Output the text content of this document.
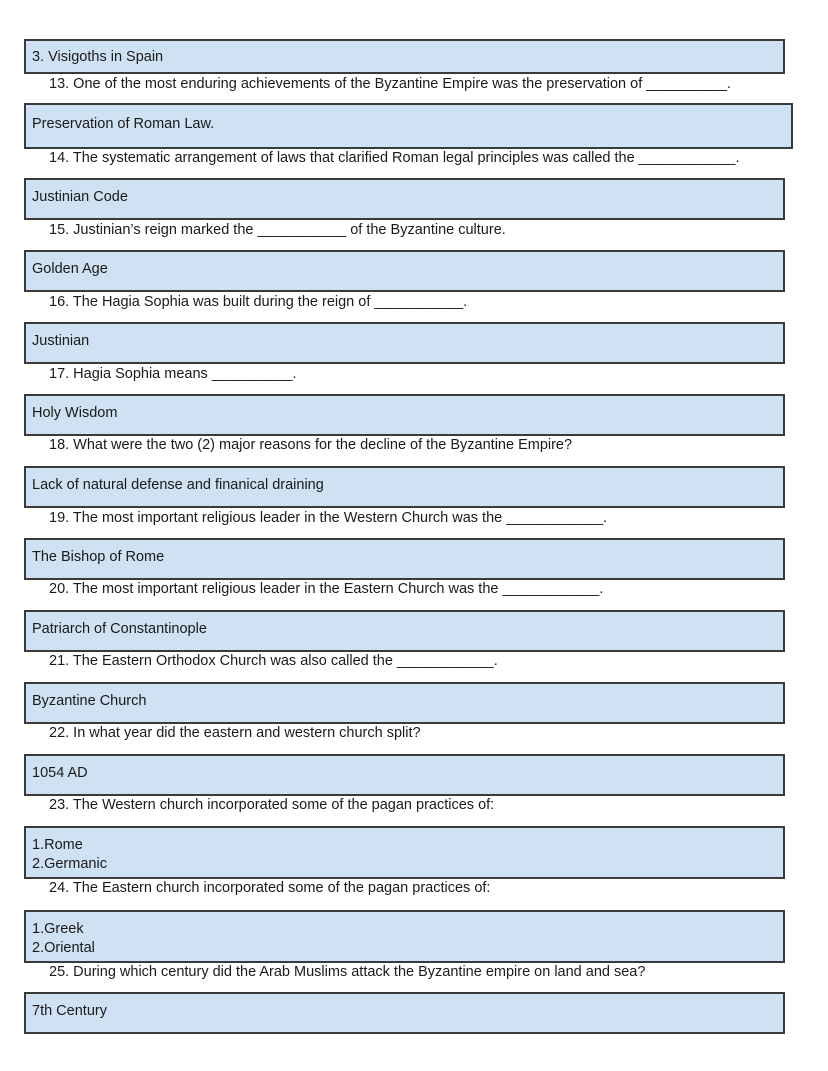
3. Visigoths in Spain
13. One of the most enduring achievements of the Byzantine Empire was the preservation of __________.
Preservation of Roman Law.
14. The systematic arrangement of laws that clarified Roman legal principles was called the ____________.
Justinian Code
15. Justinian’s reign marked the ___________ of the Byzantine culture.
Golden Age
16. The Hagia Sophia was built during the reign of ___________.
Justinian
17. Hagia Sophia means __________.
Holy Wisdom
18. What were the two (2) major reasons for the decline of the Byzantine Empire?
Lack of natural defense and finanical draining
19. The most important religious leader in the Western Church was the ____________.
The Bishop of Rome
20. The most important religious leader in the Eastern Church was the ____________.
Patriarch of Constantinople
21. The Eastern Orthodox Church was also called the ____________.
Byzantine Church
22. In what year did the eastern and western church split?
1054 AD
23. The Western church incorporated some of the pagan practices of:
1.Rome
2.Germanic
24. The Eastern church incorporated some of the pagan practices of:
1.Greek
2.Oriental
25. During which century did the Arab Muslims attack the Byzantine empire on land and sea?
7th Century
